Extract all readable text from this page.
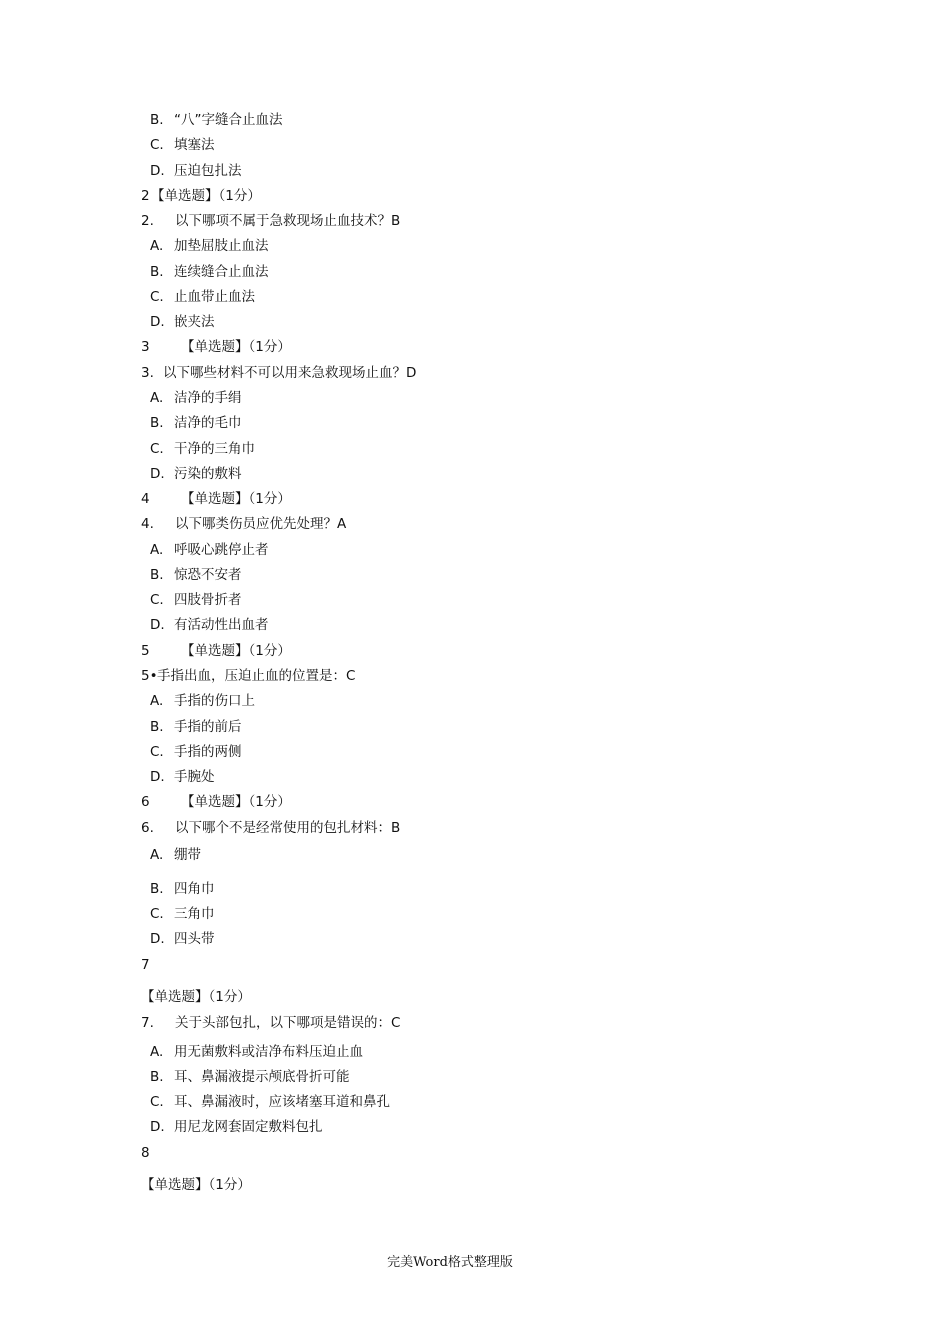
B. “八”字缝合止血法
C. 填塞法
D. 压迫包扎法
2【单选题】（1分）
2. 以下哪项不属于急救现场止血技术？B
A. 加垫屈肢止血法
B. 连续缝合止血法
C. 止血带止血法
D. 嵌夹法
3 【单选题】（1分）
3. 以下哪些材料不可以用来急救现场止血？D
A. 洁净的手绢
B. 洁净的毛巾
C. 干净的三角巾
D. 污染的敷料
4 【单选题】（1分）
4. 以下哪类伤员应优先处理？A
A. 呼吸心跳停止者
B. 惊恐不安者
C. 四肢骨折者
D. 有活动性出血者
5 【单选题】（1分）
5•手指出血，压迫止血的位置是：C
A. 手指的伤口上
B. 手指的前后
C. 手指的两侧
D. 手腕处
6 【单选题】（1分）
6. 以下哪个不是经常使用的包扎材料：B
A. 绷带
B. 四角巾
C. 三角巾
D. 四头带
7
【单选题】（1分）
7. 关于头部包扎，以下哪项是错误的：C
A. 用无菌敷料或洁净布料压迫止血
B. 耳、鼻漏液提示颅底骨折可能
C. 耳、鼻漏液时，应该堵塞耳道和鼻孔
D. 用尼龙网套固定敷料包扎
8
【单选题】（1分）
完美Word格式整理版
